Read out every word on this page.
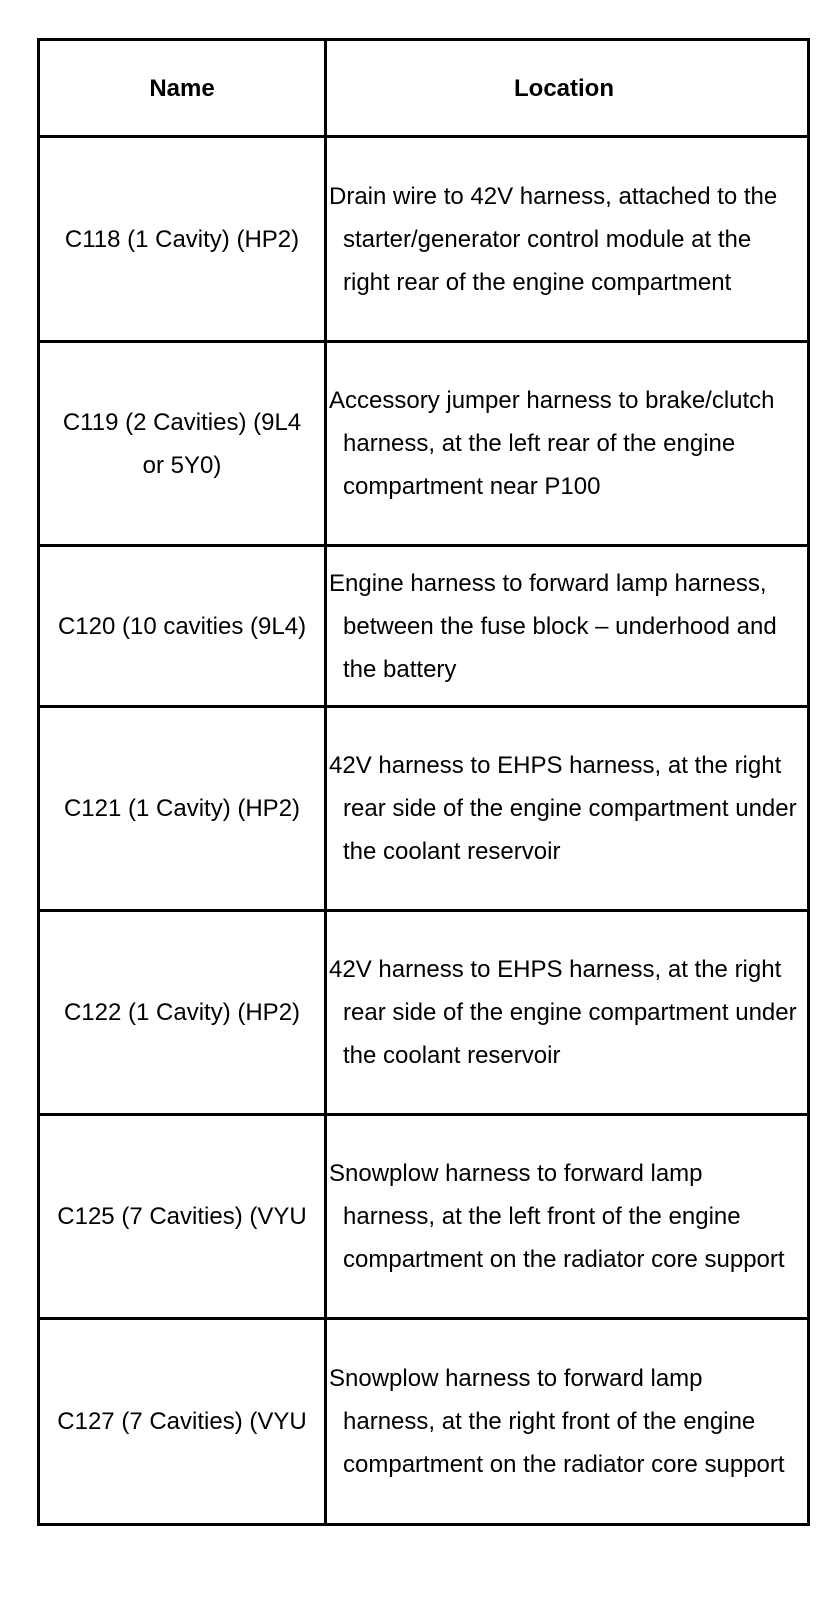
Name	Location
C118 (1 Cavity) (HP2)
Drain wire to 42V harness, attached to the starter/generator control module at the right rear of the engine compartment
C119 (2 Cavities) (9L4
or 5Y0)
Accessory jumper harness to brake/clutch harness, at the left rear of the engine compartment near P100
C120 (10 cavities (9L4)
Engine harness to forward lamp harness, between the fuse block – underhood and the battery
C121 (1 Cavity) (HP2)
42V harness to EHPS harness, at the right rear side of the engine compartment under the coolant reservoir
C122 (1 Cavity) (HP2)
42V harness to EHPS harness, at the right rear side of the engine compartment under the coolant reservoir
C125 (7 Cavities) (VYU
Snowplow harness to forward lamp harness, at the left front of the engine compartment on the radiator core support
C127 (7 Cavities) (VYU
Snowplow harness to forward lamp harness, at the right front of the engine compartment on the radiator core support
